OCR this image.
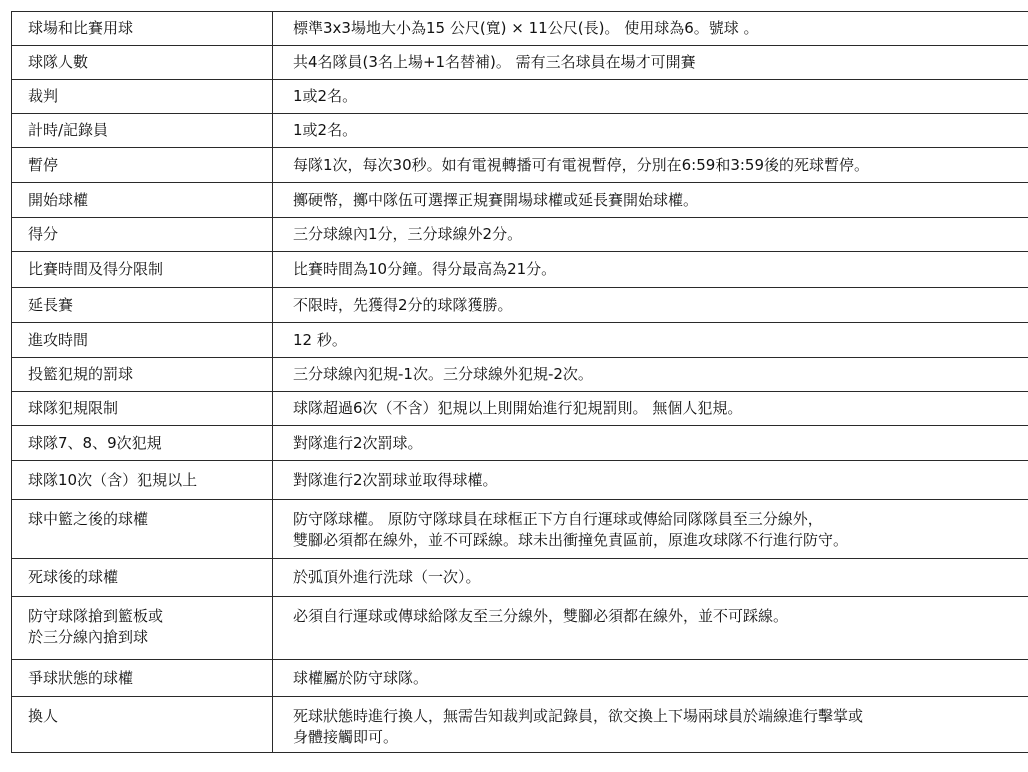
球場和比賽用球	標準3x3場地大小為15 公尺(寬) × 11公尺(長)。 使用球為6。號球 。
球隊人數	共4名隊員(3名上場+1名替補)。 需有三名球員在場才可開賽
裁判	1或2名。
計時/記錄員	1或2名。
暫停	每隊1次，每次30秒。如有電視轉播可有電視暫停，分別在6:59和3:59後的死球暫停。
開始球權	擲硬幣，擲中隊伍可選擇正規賽開場球權或延長賽開始球權。
得分	三分球線內1分，三分球線外2分。
比賽時間及得分限制	比賽時間為10分鐘。得分最高為21分。
延長賽	不限時，先獲得2分的球隊獲勝。
進攻時間	12 秒。
投籃犯規的罰球	三分球線內犯規-1次。三分球線外犯規-2次。
球隊犯規限制	球隊超過6次（不含）犯規以上則開始進行犯規罰則。 無個人犯規。
球隊7、8、9次犯規	對隊進行2次罰球。
球隊10次（含）犯規以上	對隊進行2次罰球並取得球權。
球中籃之後的球權	防守隊球權。 原防守隊球員在球框正下方自行運球或傳給同隊隊員至三分線外，
雙腳必須都在線外，並不可踩線。球未出衝撞免責區前，原進攻球隊不行進行防守。
死球後的球權	於弧頂外進行洗球（一次）。
防守球隊搶到籃板或
於三分線內搶到球	必須自行運球或傳球給隊友至三分線外，雙腳必須都在線外，並不可踩線。
爭球狀態的球權	球權屬於防守球隊。
換人	死球狀態時進行換人，無需告知裁判或記錄員，欲交換上下場兩球員於端線進行擊掌或
身體接觸即可。
